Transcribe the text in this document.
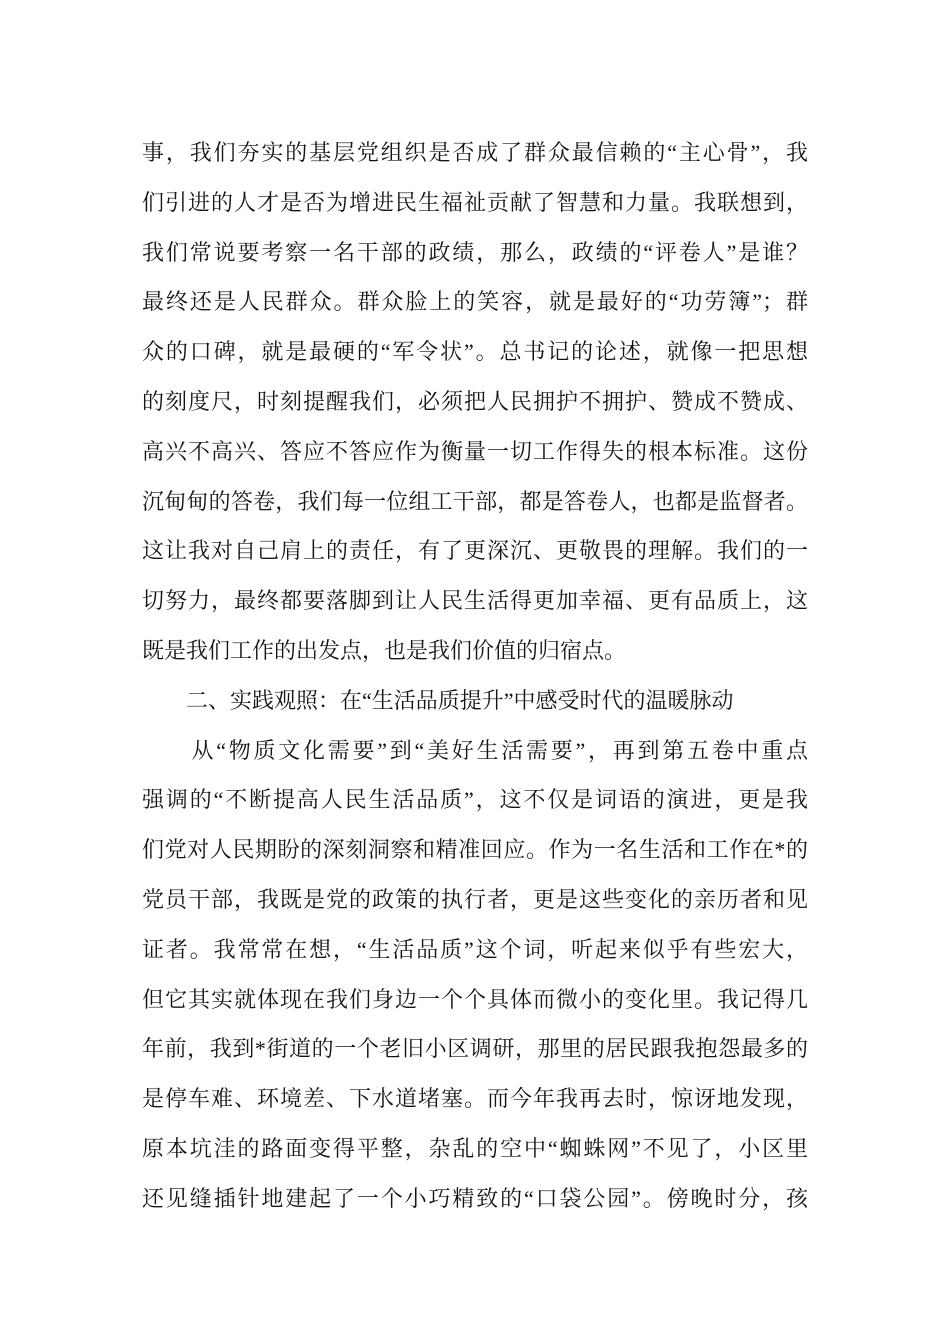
事，我们夯实的基层党组织是否成了群众最信赖的“主心骨”，我
们引进的人才是否为增进民生福祉贡献了智慧和力量。我联想到，
我们常说要考察一名干部的政绩，那么，政绩的“评卷人”是谁？
最终还是人民群众。群众脸上的笑容，就是最好的“功劳簿”；群
众的口碑，就是最硬的“军令状”。总书记的论述，就像一把思想
的刻度尺，时刻提醒我们，必须把人民拥护不拥护、赞成不赞成、
高兴不高兴、答应不答应作为衡量一切工作得失的根本标准。这份
沉甸甸的答卷，我们每一位组工干部，都是答卷人，也都是监督者。
这让我对自己肩上的责任，有了更深沉、更敬畏的理解。我们的一
切努力，最终都要落脚到让人民生活得更加幸福、更有品质上，这
既是我们工作的出发点，也是我们价值的归宿点。
　　二、实践观照：在“生活品质提升”中感受时代的温暖脉动
　　从“物质文化需要”到“美好生活需要”，再到第五卷中重点
强调的“不断提高人民生活品质”，这不仅是词语的演进，更是我
们党对人民期盼的深刻洞察和精准回应。作为一名生活和工作在*的
党员干部，我既是党的政策的执行者，更是这些变化的亲历者和见
证者。我常常在想，“生活品质”这个词，听起来似乎有些宏大，
但它其实就体现在我们身边一个个具体而微小的变化里。我记得几
年前，我到*街道的一个老旧小区调研，那里的居民跟我抱怨最多的
是停车难、环境差、下水道堵塞。而今年我再去时，惊讶地发现，
原本坑洼的路面变得平整，杂乱的空中“蜘蛛网”不见了，小区里
还见缝插针地建起了一个小巧精致的“口袋公园”。傍晚时分，孩
